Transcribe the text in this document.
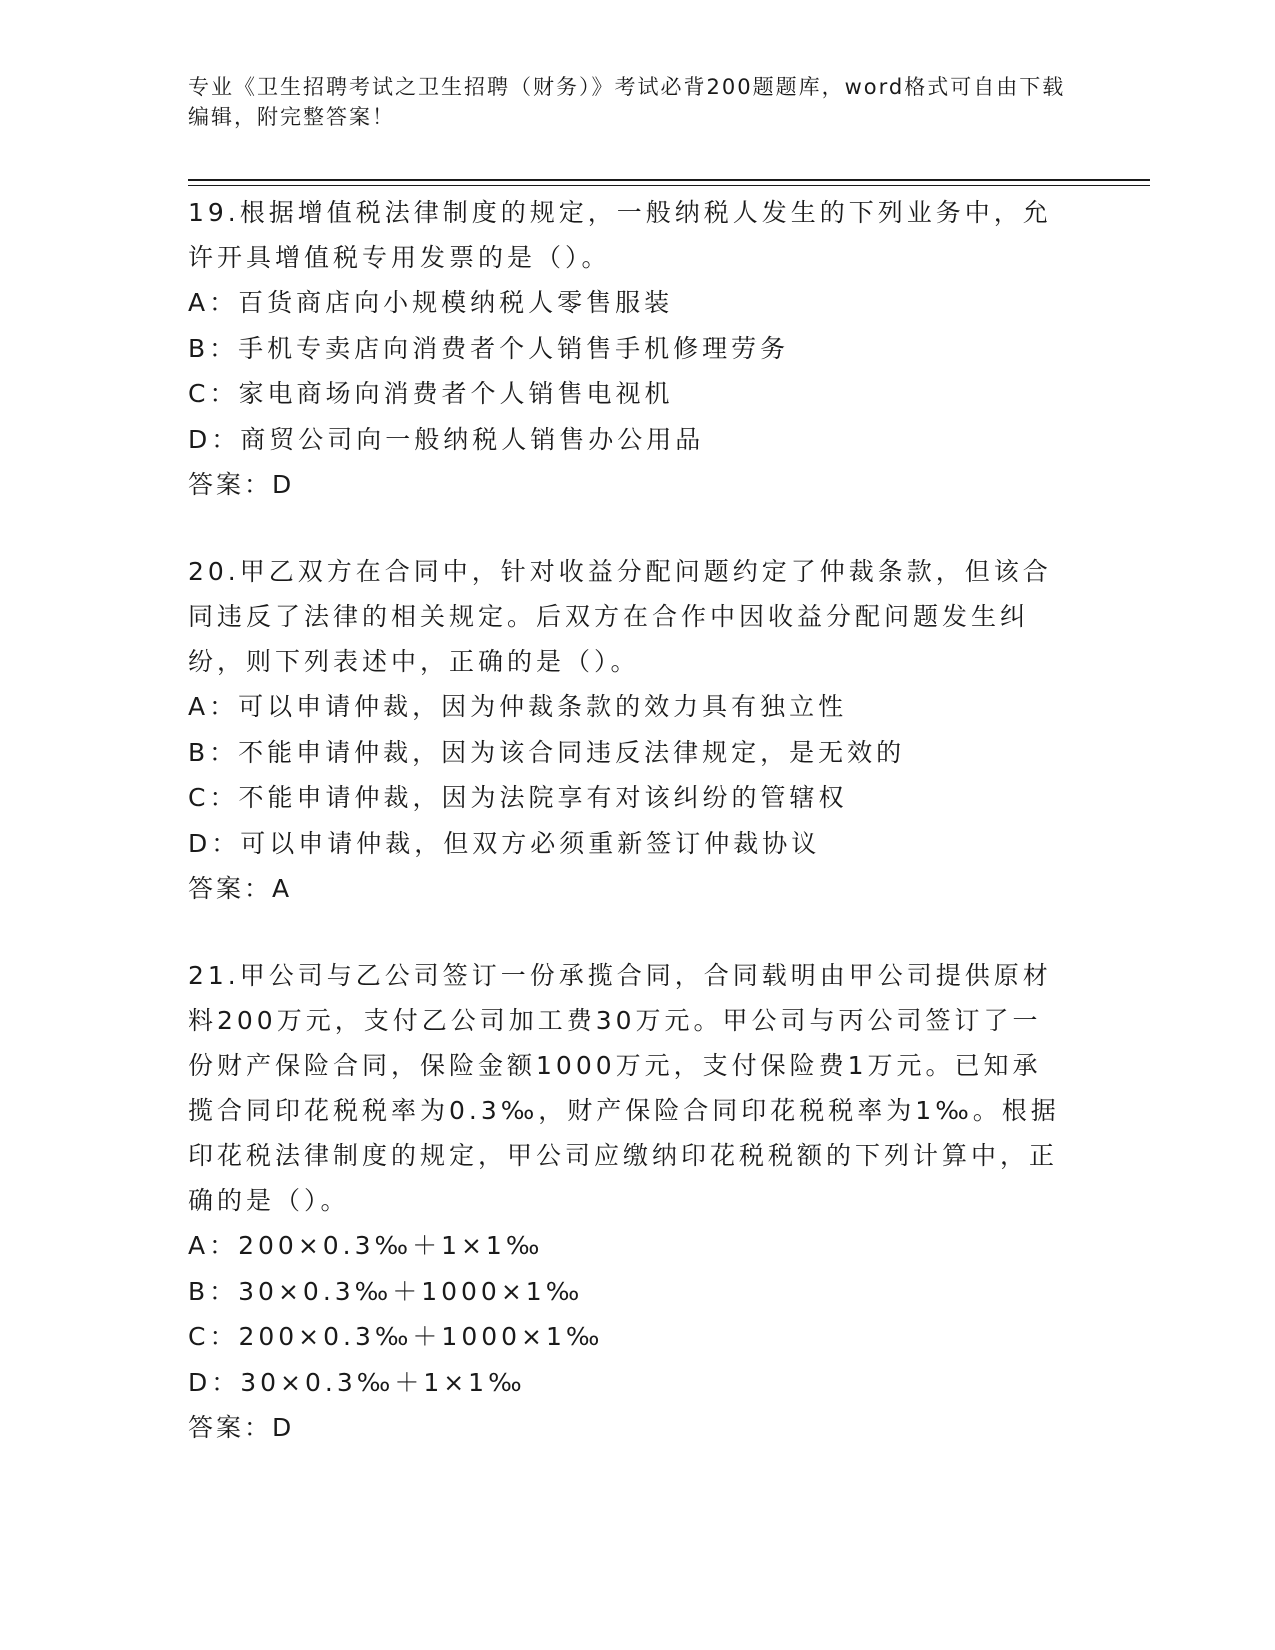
专业《卫生招聘考试之卫生招聘（财务）》考试必背200题题库，word格式可自由下载编辑，附完整答案！
19.根据增值税法律制度的规定，一般纳税人发生的下列业务中，允许开具增值税专用发票的是（）。
A：百货商店向小规模纳税人零售服装
B：手机专卖店向消费者个人销售手机修理劳务
C：家电商场向消费者个人销售电视机
D：商贸公司向一般纳税人销售办公用品
答案：D
20.甲乙双方在合同中，针对收益分配问题约定了仲裁条款，但该合同违反了法律的相关规定。后双方在合作中因收益分配问题发生纠纷，则下列表述中，正确的是（）。
A：可以申请仲裁，因为仲裁条款的效力具有独立性
B：不能申请仲裁，因为该合同违反法律规定，是无效的
C：不能申请仲裁，因为法院享有对该纠纷的管辖权
D：可以申请仲裁，但双方必须重新签订仲裁协议
答案：A
21.甲公司与乙公司签订一份承揽合同，合同载明由甲公司提供原材料200万元，支付乙公司加工费30万元。甲公司与丙公司签订了一份财产保险合同，保险金额1000万元，支付保险费1万元。已知承揽合同印花税税率为0.3‰，财产保险合同印花税税率为1‰。根据印花税法律制度的规定，甲公司应缴纳印花税税额的下列计算中，正确的是（）。
A：200×0.3‰＋1×1‰
B：30×0.3‰＋1000×1‰
C：200×0.3‰＋1000×1‰
D：30×0.3‰＋1×1‰
答案：D
